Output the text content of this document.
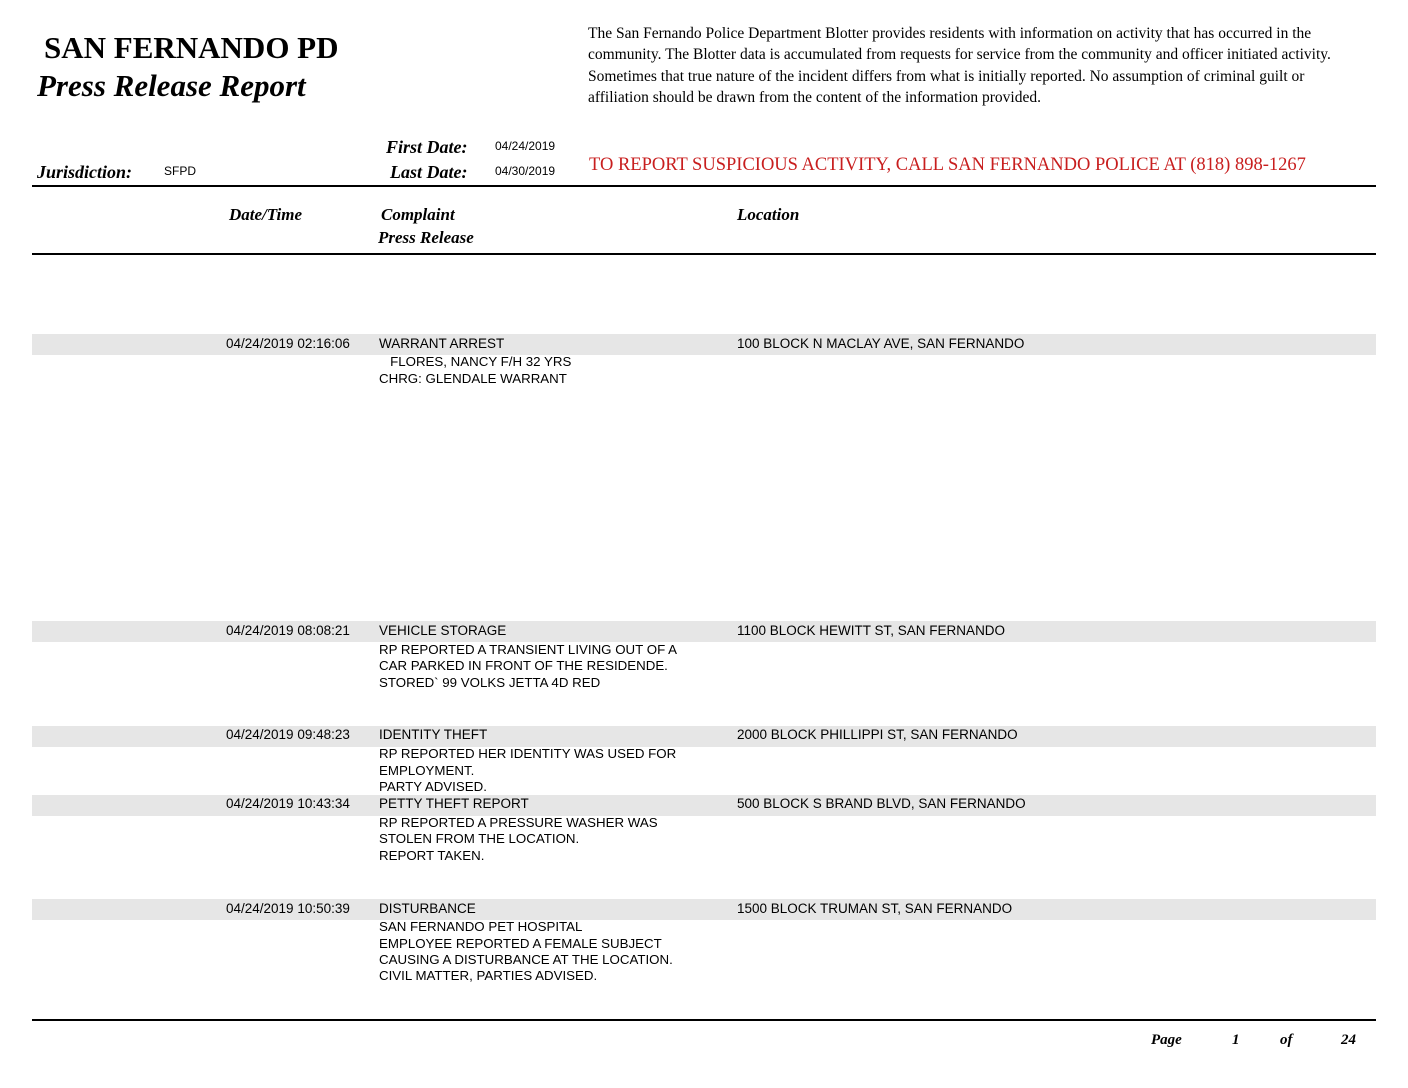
SAN FERNANDO PD
Press Release Report
The San Fernando Police Department Blotter provides residents with information on activity that has occurred in the community. The Blotter data is accumulated from requests for service from the community and officer initiated activity. Sometimes that true nature of the incident differs from what is initially reported. No assumption of criminal guilt or affiliation should be drawn from the content of the information provided.
First Date: 04/24/2019
Last Date: 04/30/2019
Jurisdiction:	SFPD	TO REPORT SUSPICIOUS ACTIVITY, CALL SAN FERNANDO POLICE AT (818) 898-1267
Date/Time	Complaint
Press Release
Location
04/24/2019 02:16:06 WARRANT ARREST	100 BLOCK N MACLAY AVE, SAN FERNANDO
FLORES, NANCY F/H 32 YRS
CHRG: GLENDALE WARRANT
04/24/2019 08:08:21 VEHICLE STORAGE	1100 BLOCK HEWITT ST, SAN FERNANDO
RP REPORTED A TRANSIENT LIVING OUT OF A
CAR PARKED IN FRONT OF THE RESIDENDE.
STORED` 99 VOLKS JETTA 4D RED
04/24/2019 09:48:23 IDENTITY THEFT	2000 BLOCK PHILLIPPI ST, SAN FERNANDO
RP REPORTED HER IDENTITY WAS USED FOR
EMPLOYMENT.
PARTY ADVISED.
04/24/2019 10:43:34 PETTY THEFT REPORT	500 BLOCK S BRAND BLVD, SAN FERNANDO
RP REPORTED A PRESSURE WASHER WAS
STOLEN FROM THE LOCATION.
REPORT TAKEN.
04/24/2019 10:50:39 DISTURBANCE	1500 BLOCK TRUMAN ST, SAN FERNANDO
SAN FERNANDO PET HOSPITAL
EMPLOYEE REPORTED A FEMALE SUBJECT
CAUSING A DISTURBANCE AT THE LOCATION.
CIVIL MATTER, PARTIES ADVISED.
Page	1	of	24
